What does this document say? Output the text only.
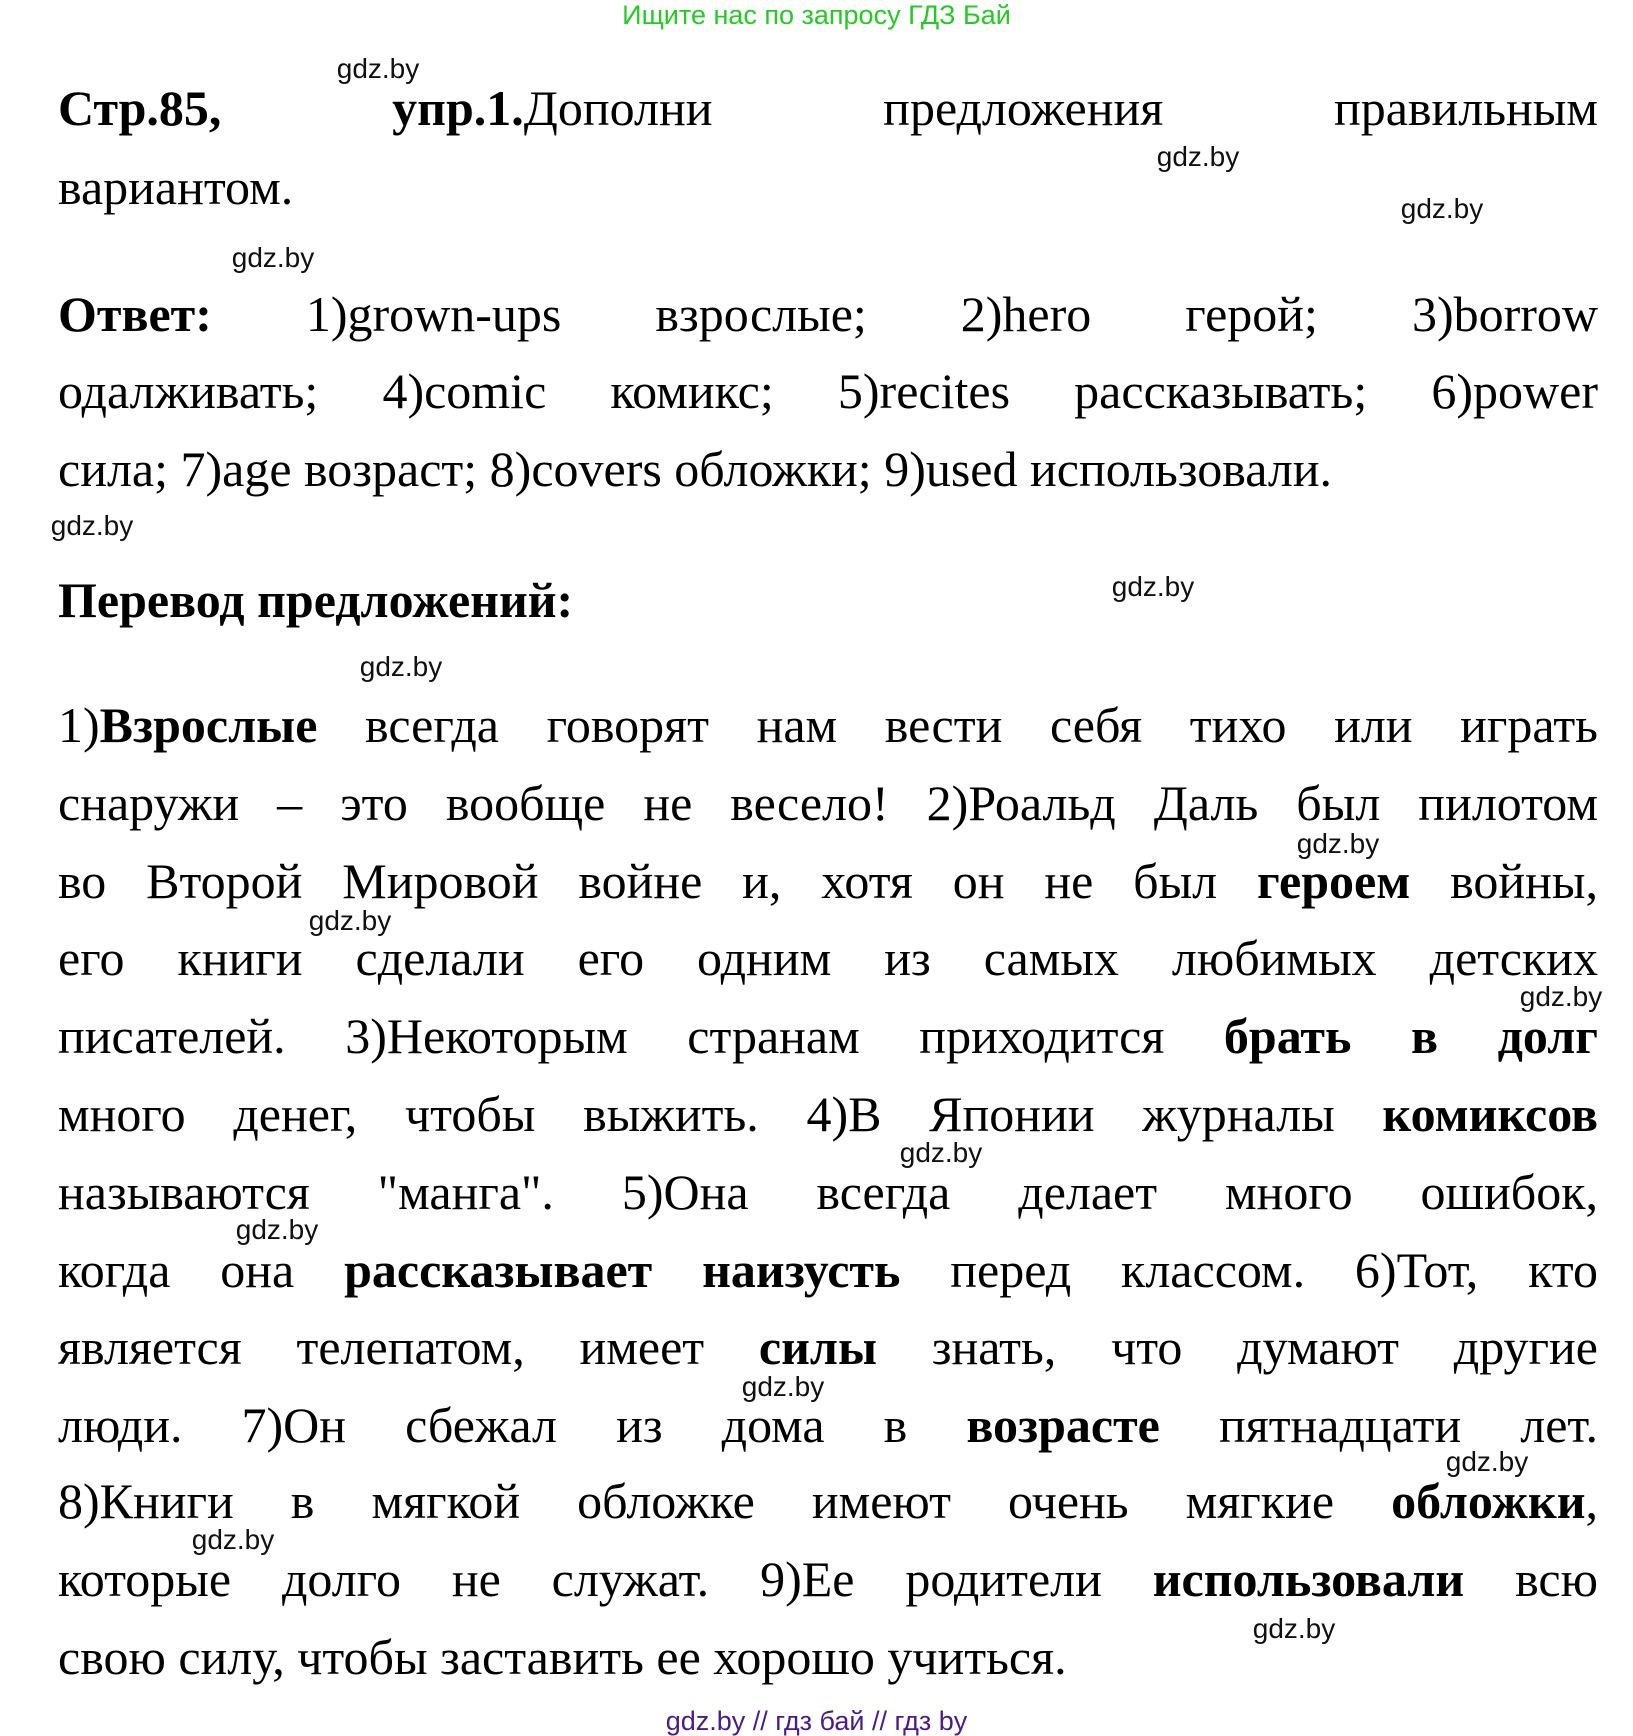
Ищите нас по запросу ГДЗ Бай
Стр.85, упр.1.Дополни предложения правильным
вариантом.
Ответ: 1)grown-ups взрослые; 2)hero герой; 3)borrow
одалживать; 4)comic комикс; 5)recites рассказывать; 6)power
сила; 7)age возраст; 8)covers обложки; 9)used использовали.
Перевод предложений:
1)Взрослые всегда говорят нам вести себя тихо или играть
снаружи – это вообще не весело! 2)Роальд Даль был пилотом
во Второй Мировой войне и, хотя он не был героем войны,
его книги сделали его одним из самых любимых детских
писателей. 3)Некоторым странам приходится брать в долг
много денег, чтобы выжить. 4)В Японии журналы комиксов
называются "манга". 5)Она всегда делает много ошибок,
когда она рассказывает наизусть перед классом. 6)Тот, кто
является телепатом, имеет силы знать, что думают другие
люди. 7)Он сбежал из дома в возрасте пятнадцати лет.
8)Книги в мягкой обложке имеют очень мягкие обложки,
которые долго не служат. 9)Ее родители использовали всю
свою силу, чтобы заставить ее хорошо учиться.
gdz.by
gdz.by
gdz.by
gdz.by
gdz.by
gdz.by
gdz.by
gdz.by
gdz.by
gdz.by
gdz.by
gdz.by
gdz.by
gdz.by
gdz.by
gdz.by
gdz.by // гдз бай // гдз by
